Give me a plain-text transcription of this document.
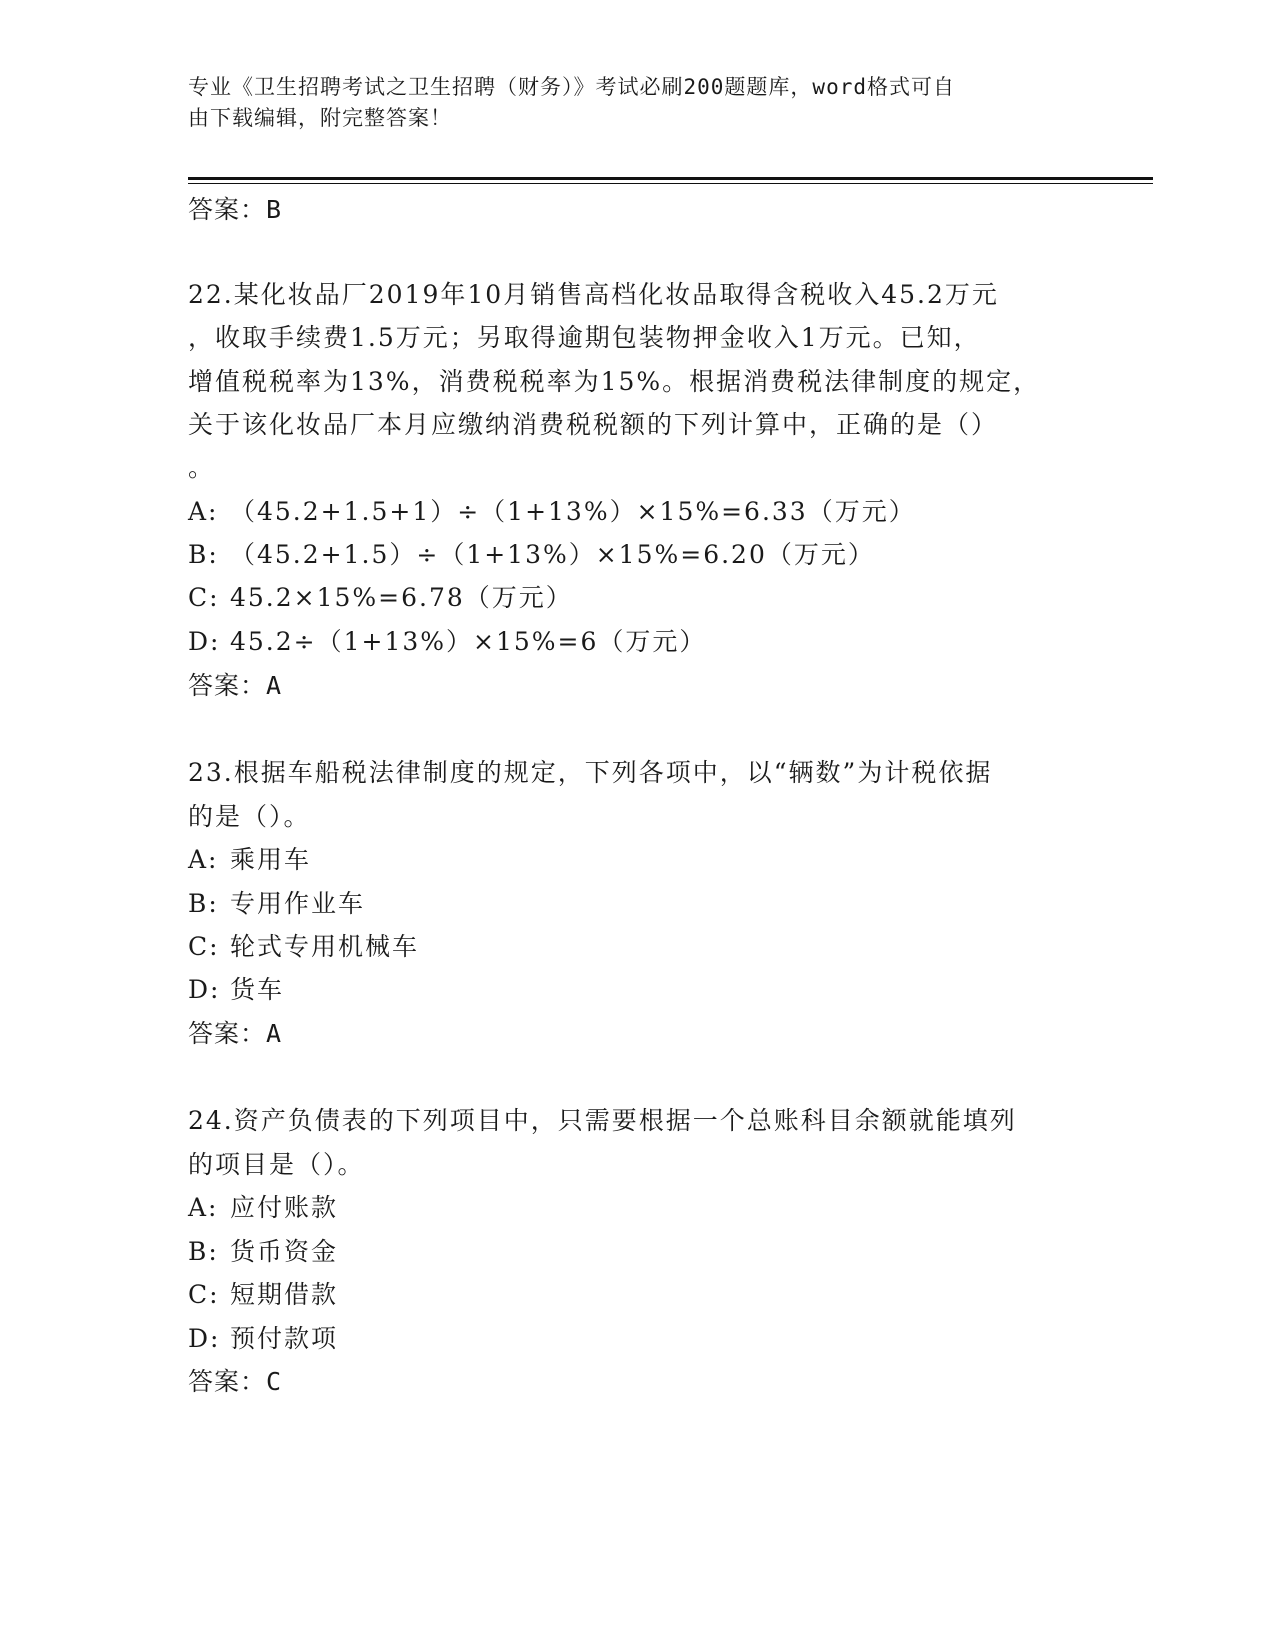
专业《卫生招聘考试之卫生招聘（财务）》考试必刷200题题库，word格式可自
由下载编辑，附完整答案！
答案：B
22.某化妆品厂2019年10月销售高档化妆品取得含税收入45.2万元
，收取手续费1.5万元；另取得逾期包装物押金收入1万元。已知，
增值税税率为13%，消费税税率为15%。根据消费税法律制度的规定，
关于该化妆品厂本月应缴纳消费税税额的下列计算中，正确的是（）
。
A: （45.2+1.5+1）÷（1+13%）×15%=6.33（万元）
B: （45.2+1.5）÷（1+13%）×15%=6.20（万元）
C: 45.2×15%=6.78（万元）
D: 45.2÷（1+13%）×15%=6（万元）
答案：A
23.根据车船税法律制度的规定，下列各项中，以“辆数”为计税依据
的是（）。
A: 乘用车
B: 专用作业车
C: 轮式专用机械车
D: 货车
答案：A
24.资产负债表的下列项目中，只需要根据一个总账科目余额就能填列
的项目是（）。
A: 应付账款
B: 货币资金
C: 短期借款
D: 预付款项
答案：C
